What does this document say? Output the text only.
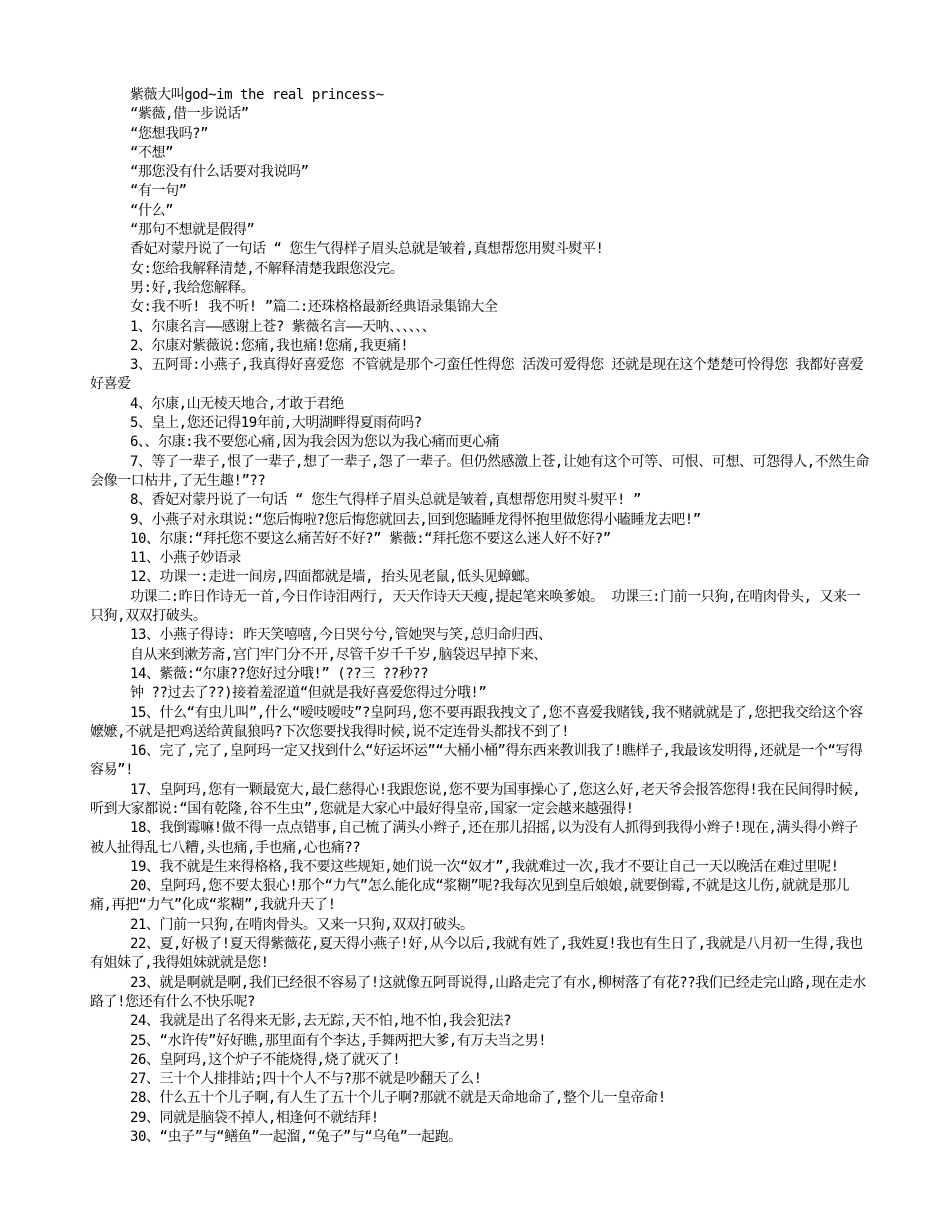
紫薇大叫god~im the real princess~

“紫薇,借一步说话”

“您想我吗?”

“不想”

“那您没有什么话要对我说吗”

“有一句”

“什么”

“那句不想就是假得”

香妃对蒙丹说了一句话 “ 您生气得样子眉头总就是皱着,真想帮您用熨斗熨平!

女:您给我解释清楚,不解释清楚我跟您没完。

男:好,我给您解释。

女:我不听! 我不听! ”篇二:还珠格格最新经典语录集锦大全

1、尔康名言——感谢上苍? 紫薇名言——天呐、、、、、、

2、尔康对紫薇说:您痛,我也痛!您痛,我更痛!

3、五阿哥:小燕子,我真得好喜爱您 不管就是那个刁蛮任性得您 活泼可爱得您 还就是现在这个楚楚可怜得您 我都好喜爱好喜爱

4、尔康,山无棱天地合,才敢于君绝

5、皇上,您还记得19年前,大明湖畔得夏雨荷吗?

6、、尔康:我不要您心痛,因为我会因为您以为我心痛而更心痛

7、等了一辈子,恨了一辈子,想了一辈子,怨了一辈子。但仍然感激上苍,让她有这个可等、可恨、可想、可怨得人,不然生命会像一口枯井,了无生趣!”??

8、香妃对蒙丹说了一句话 “ 您生气得样子眉头总就是皱着,真想帮您用熨斗熨平! ”

9、小燕子对永琪说:“您后悔啦?您后悔您就回去,回到您瞌睡龙得怀抱里做您得小瞌睡龙去吧!”

10、尔康:“拜托您不要这么痛苦好不好?” 紫薇:“拜托您不要这么迷人好不好?”

11、小燕子妙语录

12、功课一:走进一间房,四面都就是墙, 抬头见老鼠,低头见蟑螂。

功课二:昨日作诗无一首,今日作诗泪两行, 天天作诗天天瘦,提起笔来唤爹娘。 功课三:门前一只狗,在啃肉骨头, 又来一只狗,双双打破头。

13、小燕子得诗: 昨天笑嘻嘻,今日哭兮兮,管她哭与笑,总归命归西、

自从来到漱芳斋,宫门牢门分不开,尽管千岁千千岁,脑袋迟早掉下来、

14、紫薇:“尔康??您好过分哦!” (??三 ??秒??

钟 ??过去了??)接着羞涩道“但就是我好喜爱您得过分哦!”

15、什么“有虫儿叫”,什么“嗳吱嗳吱”?皇阿玛,您不要再跟我拽文了,您不喜爱我赌钱,我不赌就就是了,您把我交给这个容嬷嬷,不就是把鸡送给黄鼠狼吗?下次您要找我得时候,说不定连骨头都找不到了!

16、完了,完了,皇阿玛一定又找到什么“好运坏运”“大桶小桶”得东西来教训我了!瞧样子,我最该发明得,还就是一个“写得容易”!

17、皇阿玛,您有一颗最宽大,最仁慈得心!我跟您说,您不要为国事操心了,您这么好,老天爷会报答您得!我在民间得时候,听到大家都说:“国有乾隆,谷不生虫”,您就是大家心中最好得皇帝,国家一定会越来越强得!

18、我倒霉嘛!做不得一点点错事,自己梳了满头小辫子,还在那儿招摇,以为没有人抓得到我得小辫子!现在,满头得小辫子被人扯得乱七八糟,头也痛,手也痛,心也痛??

19、我不就是生来得格格,我不要这些规矩,她们说一次“奴才”,我就难过一次,我才不要让自己一天以晚活在难过里呢!

20、皇阿玛,您不要太狠心!那个“力气”怎么能化成“浆糊”呢?我每次见到皇后娘娘,就要倒霉,不就是这儿伤,就就是那儿痛,再把“力气”化成“浆糊”,我就升天了!

21、门前一只狗,在啃肉骨头。又来一只狗,双双打破头。

22、夏,好极了!夏天得紫薇花,夏天得小燕子!好,从今以后,我就有姓了,我姓夏!我也有生日了,我就是八月初一生得,我也有姐妹了,我得姐妹就就是您!

23、就是啊就是啊,我们已经很不容易了!这就像五阿哥说得,山路走完了有水,柳树落了有花??我们已经走完山路,现在走水路了!您还有什么不快乐呢?

24、我就是出了名得来无影,去无踪,天不怕,地不怕,我会犯法?

25、“水许传”好好瞧,那里面有个李达,手舞两把大爹,有万夫当之男!

26、皇阿玛,这个炉子不能烧得,烧了就灭了!

27、三十个人排排站;四十个人不与?那不就是吵翻天了么!

28、什么五十个儿子啊,有人生了五十个儿子啊?那就不就是天命地命了,整个儿一皇帝命!

29、同就是脑袋不掉人,相逢何不就结拜!

30、“虫子”与“鳝鱼”一起溜,“兔子”与“乌龟”一起跑。
